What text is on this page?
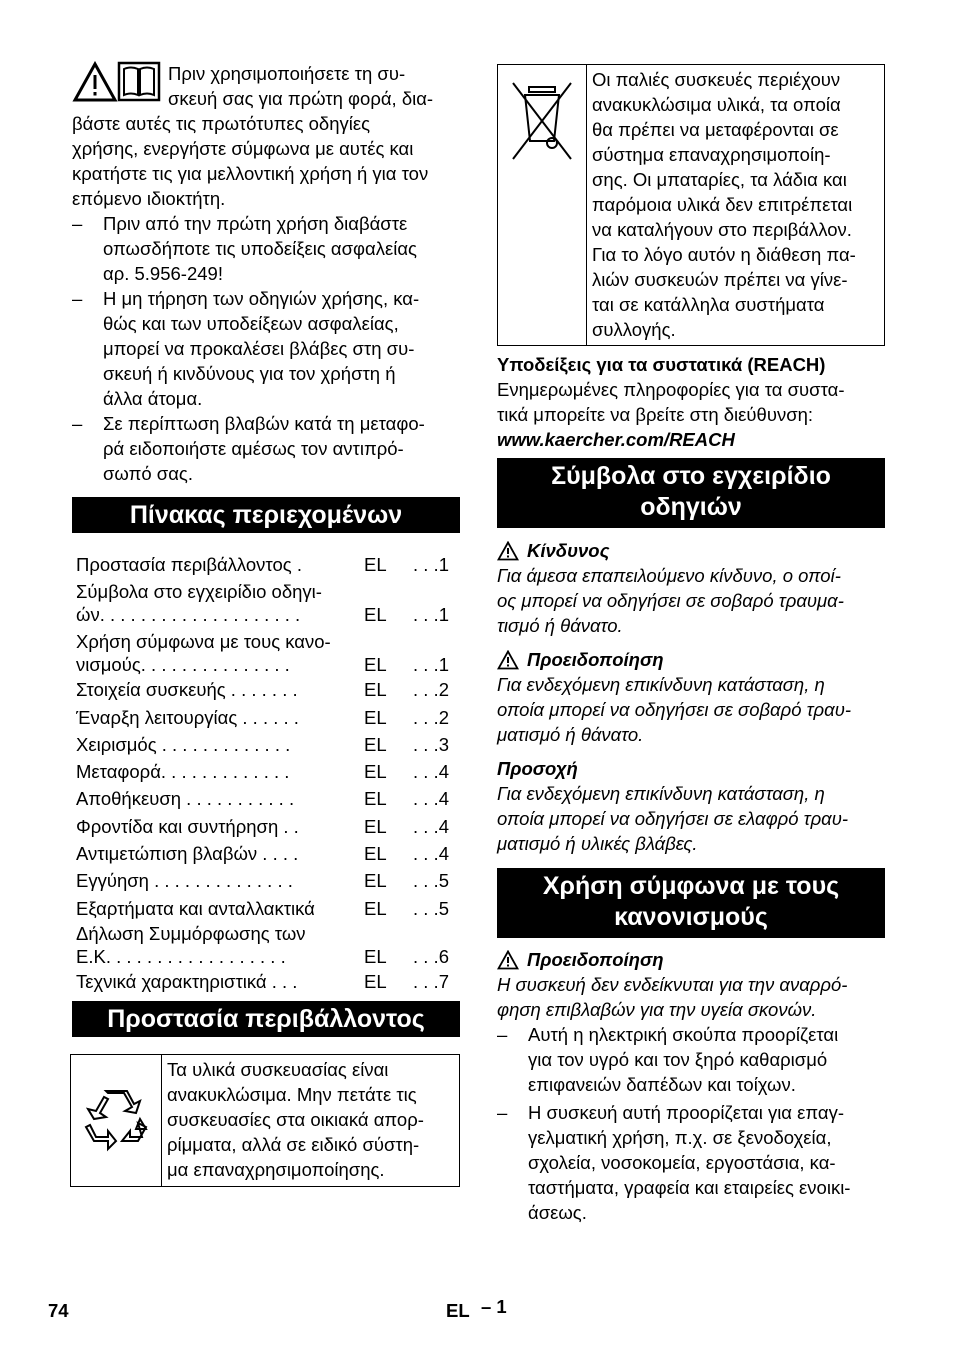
Πριν χρησιμοποιήσετε τη συ-

σκευή σας για πρώτη φορά, δια-

βάστε αυτές τις πρωτότυπες οδηγίες

χρήσης, ενεργήστε σύμφωνα με αυτές και

κρατήστε τις για μελλοντική χρήση ή για τον

επόμενο ιδιοκτήτη.

–	Πριν από την πρώτη χρήση διαβάστε

οπωσδήποτε τις υποδείξεις ασφαλείας

αρ. 5.956-249!

–	Η μη τήρηση των οδηγιών χρήσης, κα-

θώς και των υποδείξεων ασφαλείας,

μπορεί να προκαλέσει βλάβες στη συ-

σκευή ή κινδύνους για τον χρήστη ή

άλλα άτομα.

–	Σε περίπτωση βλαβών κατά τη μεταφο-

ρά ειδοποιήστε αμέσως τον αντιπρό-

σωπό σας.

Πίνακας περιεχομένων
Προστασία περιβάλλοντος .	EL	. . .1
Σύμβολα στο εγχειρίδιο οδηγι-
ών. . . . . . . . . . . . . . . . . . . .	EL	. . .1
Χρήση σύμφωνα με τους κανο-
νισμούς. . . . . . . . . . . . . . .	EL	. . .1
Στοιχεία συσκευής . . . . . . .	EL	. . .2
Έναρξη λειτουργίας . . . . . .	EL	. . .2
Χειρισμός . . . . . . . . . . . . .	EL	. . .3
Μεταφορά. . . . . . . . . . . . .	EL	. . .4
Αποθήκευση . . . . . . . . . . .	EL	. . .4
Φροντίδα και συντήρηση . .	EL	. . .4
Αντιμετώπιση βλαβών . . . .	EL	. . .4
Εγγύηση . . . . . . . . . . . . . .	EL	. . .5
Εξαρτήματα και ανταλλακτικά	EL	. . .5
Δήλωση Συμμόρφωσης των
Ε.Κ. . . . . . . . . . . . . . . . . .	EL	. . .6
Τεχνικά χαρακτηριστικά . . .	EL	. . .7
Προστασία περιβάλλοντος

Τα υλικά συσκευασίας είναι

ανακυκλώσιμα. Μην πετάτε τις

συσκευασίες στα οικιακά απορ-

ρίμματα, αλλά σε ειδικό σύστη-

μα επαναχρησιμοποίησης.

Οι παλιές συσκευές περιέχουν

ανακυκλώσιμα υλικά, τα οποία

θα πρέπει να μεταφέρονται σε

σύστημα επαναχρησιμοποίη-

σης. Οι μπαταρίες, τα λάδια και

παρόμοια υλικά δεν επιτρέπεται

να καταλήγουν στο περιβάλλον.

Για το λόγο αυτόν η διάθεση πα-

λιών συσκευών πρέπει να γίνε-

ται σε κατάλληλα συστήματα

συλλογής.

Υποδείξεις για τα συστατικά (REACH)

Ενημερωμένες πληροφορίες για τα συστα-

τικά μπορείτε να βρείτε στη διεύθυνση:

www.kaercher.com/REACH

Σύμβολα στο εγχειρίδιο
οδηγιών

Κίνδυνος

Για άμεσα επαπειλούμενο κίνδυνο, ο οποί-

ος μπορεί να οδηγήσει σε σοβαρό τραυμα-

τισμό ή θάνατο.

Προειδοποίηση

Για ενδεχόμενη επικίνδυνη κατάσταση, η

οποία μπορεί να οδηγήσει σε σοβαρό τραυ-

ματισμό ή θάνατο.

Προσοχή

Για ενδεχόμενη επικίνδυνη κατάσταση, η

οποία μπορεί να οδηγήσει σε ελαφρό τραυ-

ματισμό ή υλικές βλάβες.

Χρήση σύμφωνα με τους
κανονισμούς

Προειδοποίηση

Η συσκευή δεν ενδείκνυται για την αναρρό-

φηση επιβλαβών για την υγεία σκονών.

–	Αυτή η ηλεκτρική σκούπα προορίζεται

για τον υγρό και τον ξηρό καθαρισμό

επιφανειών δαπέδων και τοίχων.

–	Η συσκευή αυτή προορίζεται για επαγ-

γελματική χρήση, π.χ. σε ξενοδοχεία,

σχολεία, νοσοκομεία, εργοστάσια, κα-

ταστήματα, γραφεία και εταιρείες ενοικι-

άσεως.

74	EL – 1
